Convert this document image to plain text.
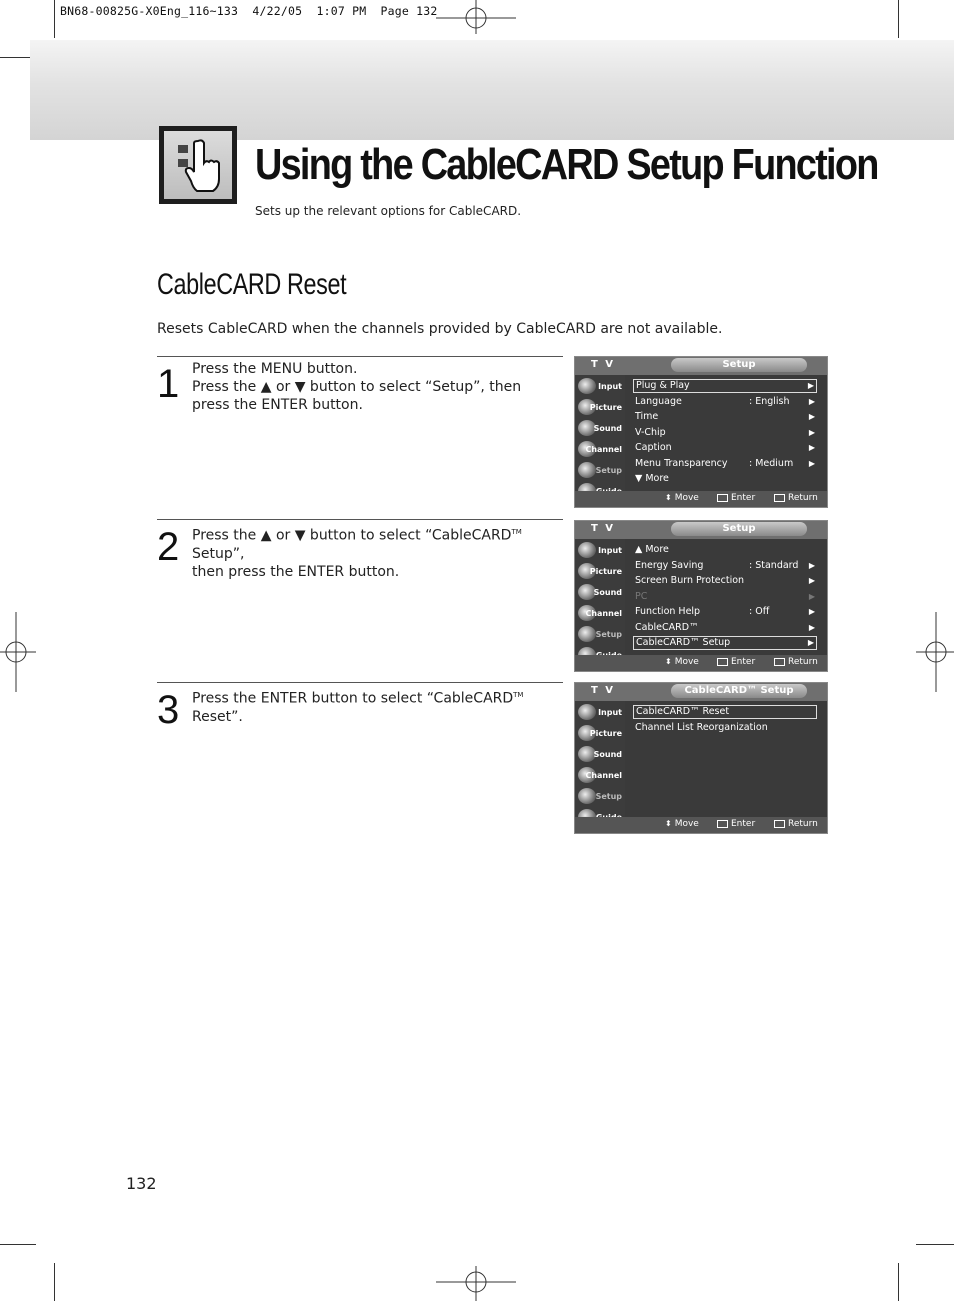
BN68-00825G-X0Eng_116~133  4/22/05  1:07 PM  Page 132
Using the CableCARD Setup Function
Sets up the relevant options for CableCARD.
CableCARD Reset
Resets CableCARD when the channels provided by CableCARD are not available.
1 Press the MENU button.
Press the ▲ or ▼ button to select “Setup”, then
press the ENTER button.
2 Press the ▲ or ▼ button to select “CableCARD™ Setup”,
then press the ENTER button.
3 Press the ENTER button to select “CableCARD™ Reset”.
T V	Setup
Input
Picture
Sound
Channel
Setup
Plug & Play	▶
Language	: English ▶
Time	▶
V-Chip	▶
Caption	▶
Menu Transparency : Medium ▶
▼ More
⬍ Move	Enter	Return
T V	Setup
Input
Picture
Sound
Channel
Setup
▲ More
Energy Saving	: Standard ▶
Screen Burn Protection	▶
PC	▶
Function Help	: Off	▶
CableCARD™	▶
CableCARD™ Setup	▶
⬍ Move	Enter	Return
T V	CableCARD™ Setup
Input
Picture
Sound
Channel
Setup
CableCARD™ Reset
Channel List Reorganization
⬍ Move	Enter	Return
132
